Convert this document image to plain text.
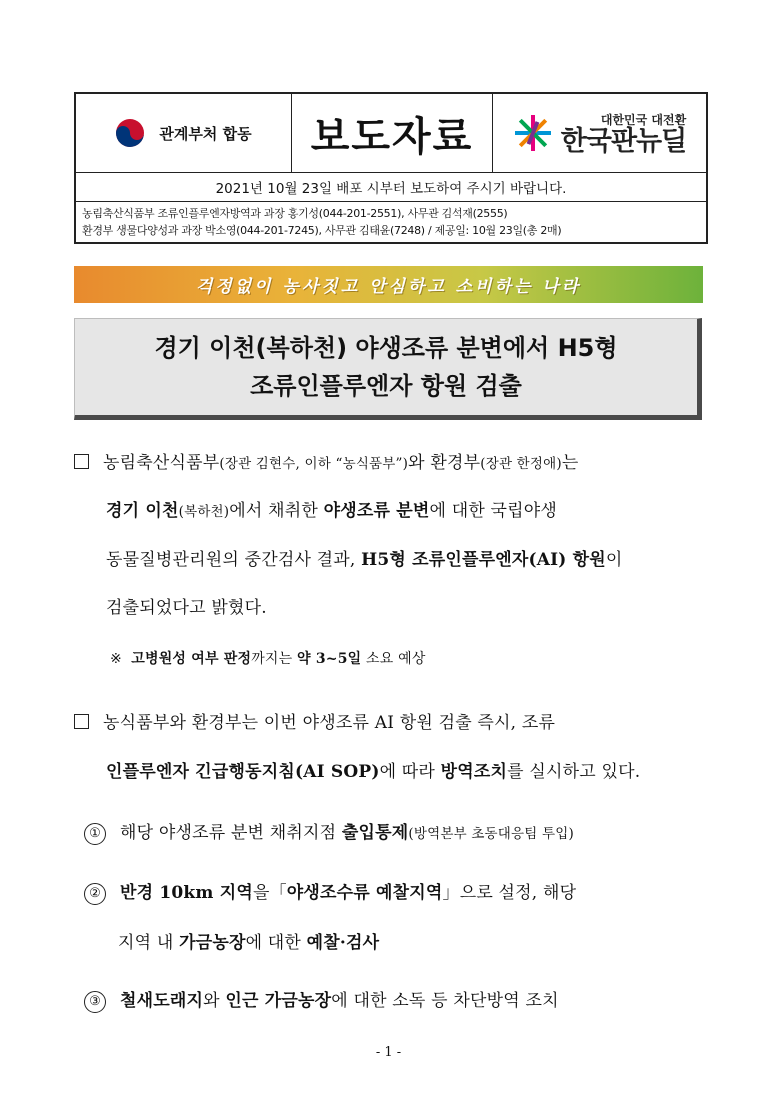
관계부처 합동 보도자료	대한민국 대전환
한국판뉴딜
2021년 10월 23일 배포 시부터 보도하여 주시기 바랍니다.
농림축산식품부 조류인플루엔자방역과 과장 홍기성(044-201-2551), 사무관 김석재(2555)
환경부 생물다양성과 과장 박소영(044-201-7245), 사무관 김태윤(7248) / 제공일: 10월 23일(총 2매)
걱정없이 농사짓고 안심하고 소비하는 나라
경기 이천(복하천) 야생조류 분변에서 H5형
조류인플루엔자 항원 검출
농림축산식품부(장관 김현수, 이하 “농식품부”)와 환경부(장관 한정애)는
경기 이천(복하천)에서 채취한 야생조류 분변에 대한 국립야생
동물질병관리원의 중간검사 결과, H5형 조류인플루엔자(AI) 항원이
검출되었다고 밝혔다.
※ 고병원성 여부 판정까지는 약 3~5일 소요 예상
농식품부와 환경부는 이번 야생조류 AI 항원 검출 즉시, 조류
인플루엔자 긴급행동지침(AI SOP)에 따라 방역조치를 실시하고 있다.
① 해당 야생조류 분변 채취지점 출입통제(방역본부 초동대응팀 투입)
② 반경 10km 지역을「야생조수류 예찰지역」으로 설정, 해당
지역 내 가금농장에 대한 예찰·검사
③ 철새도래지와 인근 가금농장에 대한 소독 등 차단방역 조치
- 1 -
